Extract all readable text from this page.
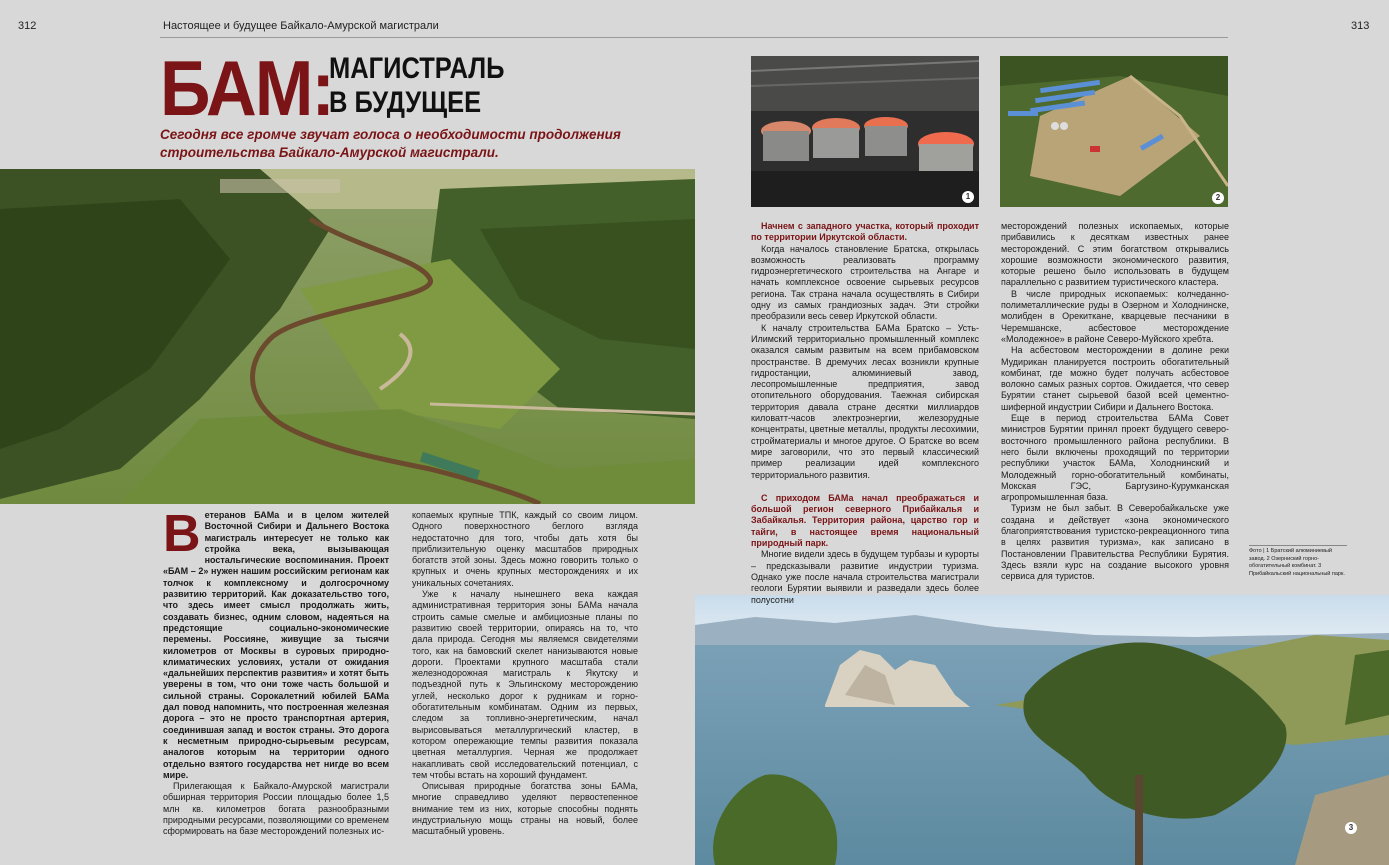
312	Настоящее и будущее Байкало-Амурской магистрали	313
БАМ:
МАГИСТРАЛЬ
В БУДУЩЕЕ
Сегодня все громче звучат голоса о необходимости продолжения строительства Байкало-Амурской магистрали.
1	2
3

Ветеранов БАМа и в целом жителей Восточной Сибири и Дальнего Востока магистраль интересует не только как стройка века, вызывающая ностальгические воспоминания. Проект «БАМ – 2» нужен нашим российским регионам как толчок к комплексному и долгосрочному развитию территорий. Как доказательство того, что здесь имеет смысл продолжать жить, создавать бизнес, одним словом, надеяться на предстоящие социально-экономические перемены. Россияне, живущие за тысячи километров от Москвы в суровых природно-климатических условиях, устали от ожидания «дальнейших перспектив развития» и хотят быть уверены в том, что они тоже часть большой и сильной страны. Сорокалетний юбилей БАМа дал повод напомнить, что построенная железная дорога – это не просто транспортная артерия, соединившая запад и восток страны. Это дорога к несметным природно-сырьевым ресурсам, аналогов которым на территории одного отдельно взятого государства нет нигде во всем мире.

Прилегающая к Байкало-Амурской магистрали обширная территория России площадью более 1,5 млн кв. километров богата разнообразными природными ресурсами, позволяющими со временем сформировать на базе месторождений полезных ис-

копаемых крупные ТПК, каждый со своим лицом. Одного поверхностного беглого взгляда недостаточно для того, чтобы дать хотя бы приблизительную оценку масштабов природных богатств этой зоны. Здесь можно говорить только о крупных и очень крупных месторождениях и их уникальных сочетаниях.

Уже к началу нынешнего века каждая административная территория зоны БАМа начала строить самые смелые и амбициозные планы по развитию своей территории, опираясь на то, что дала природа. Сегодня мы являемся свидетелями того, как на бамовский скелет нанизываются новые дороги. Проектами крупного масштаба стали железнодорожная магистраль к Якутску и подъездной путь к Эльгинскому месторождению углей, несколько дорог к рудникам и горно-обогатительным комбинатам. Одним из первых, следом за топливно-энергетическим, начал вырисовываться металлургический кластер, в котором опережающие темпы развития показала цветная металлургия. Черная же продолжает накапливать свой исследовательский потенциал, с тем чтобы встать на хороший фундамент.

Описывая природные богатства зоны БАМа, многие справедливо уделяют первостепенное внимание тем из них, которые способны поднять индустриальную мощь страны на новый, более масштабный уровень.

Начнем с западного участка, который проходит по территории Иркутской области.

Когда началось становление Братска, открылась возможность реализовать программу гидроэнергетического строительства на Ангаре и начать комплексное освоение сырьевых ресурсов региона. Так страна начала осуществлять в Сибири одну из самых грандиозных задач. Эти стройки преобразили весь север Иркутской области.

К началу строительства БАМа Братско – Усть-Илимский территориально промышленный комплекс оказался самым развитым на всем прибамовском пространстве. В дремучих лесах возникли крупные гидростанции, алюминиевый завод, лесопромышленные предприятия, завод отопительного оборудования. Таежная сибирская территория давала стране десятки миллиардов киловатт-часов электроэнергии, железорудные концентраты, цветные металлы, продукты лесохимии, стройматериалы и многое другое. О Братске во всем мире заговорили, что это первый классический пример реализации идей комплексного территориального развития.

С приходом БАМа начал преображаться и большой регион северного Прибайкалья и Забайкалья. Территория района, царство гор и тайги, в настоящее время национальный природный парк.

Многие видели здесь в будущем турбазы и курорты – предсказывали развитие индустрии туризма. Однако уже после начала строительства магистрали геологи Бурятии выявили и разведали здесь более полусотни

месторождений полезных ископаемых, которые прибавились к десяткам известных ранее месторождений. С этим богатством открывались хорошие возможности экономического развития, которые решено было использовать в будущем параллельно с развитием туристического кластера.

В числе природных ископаемых: колчеданно-полиметаллические руды в Озерном и Холоднинске, молибден в Орекиткане, кварцевые песчаники в Черемшанске, асбестовое месторождение «Молодежное» в районе Северо-Муйского хребта.

На асбестовом месторождении в долине реки Мудирикан планируется построить обогатительный комбинат, где можно будет получать асбестовое волокно самых разных сортов. Ожидается, что север Бурятии станет сырьевой базой всей цементно-шиферной индустрии Сибири и Дальнего Востока.

Еще в период строительства БАМа Совет министров Бурятии принял проект будущего северо-восточного промышленного района республики. В него были включены проходящий по территории республики участок БАМа, Холоднинский и Молодежный горно-обогатительный комбинаты, Мокская ГЭС, Баргузино-Курумканская агропромышленная база.

Туризм не был забыт. В Северобайкальске уже создана и действует «зона экономического благоприятствования туристско-рекреационного типа в целях развития туризма», как записано в Постановлении Правительства Республики Бурятия. Здесь взяли курс на создание высокого уровня сервиса для туристов.

Фото | 1 Братский алюминиевый завод. 2 Озерниский горно-обогатительный комбинат. 3 Прибайкальский национальный парк.
